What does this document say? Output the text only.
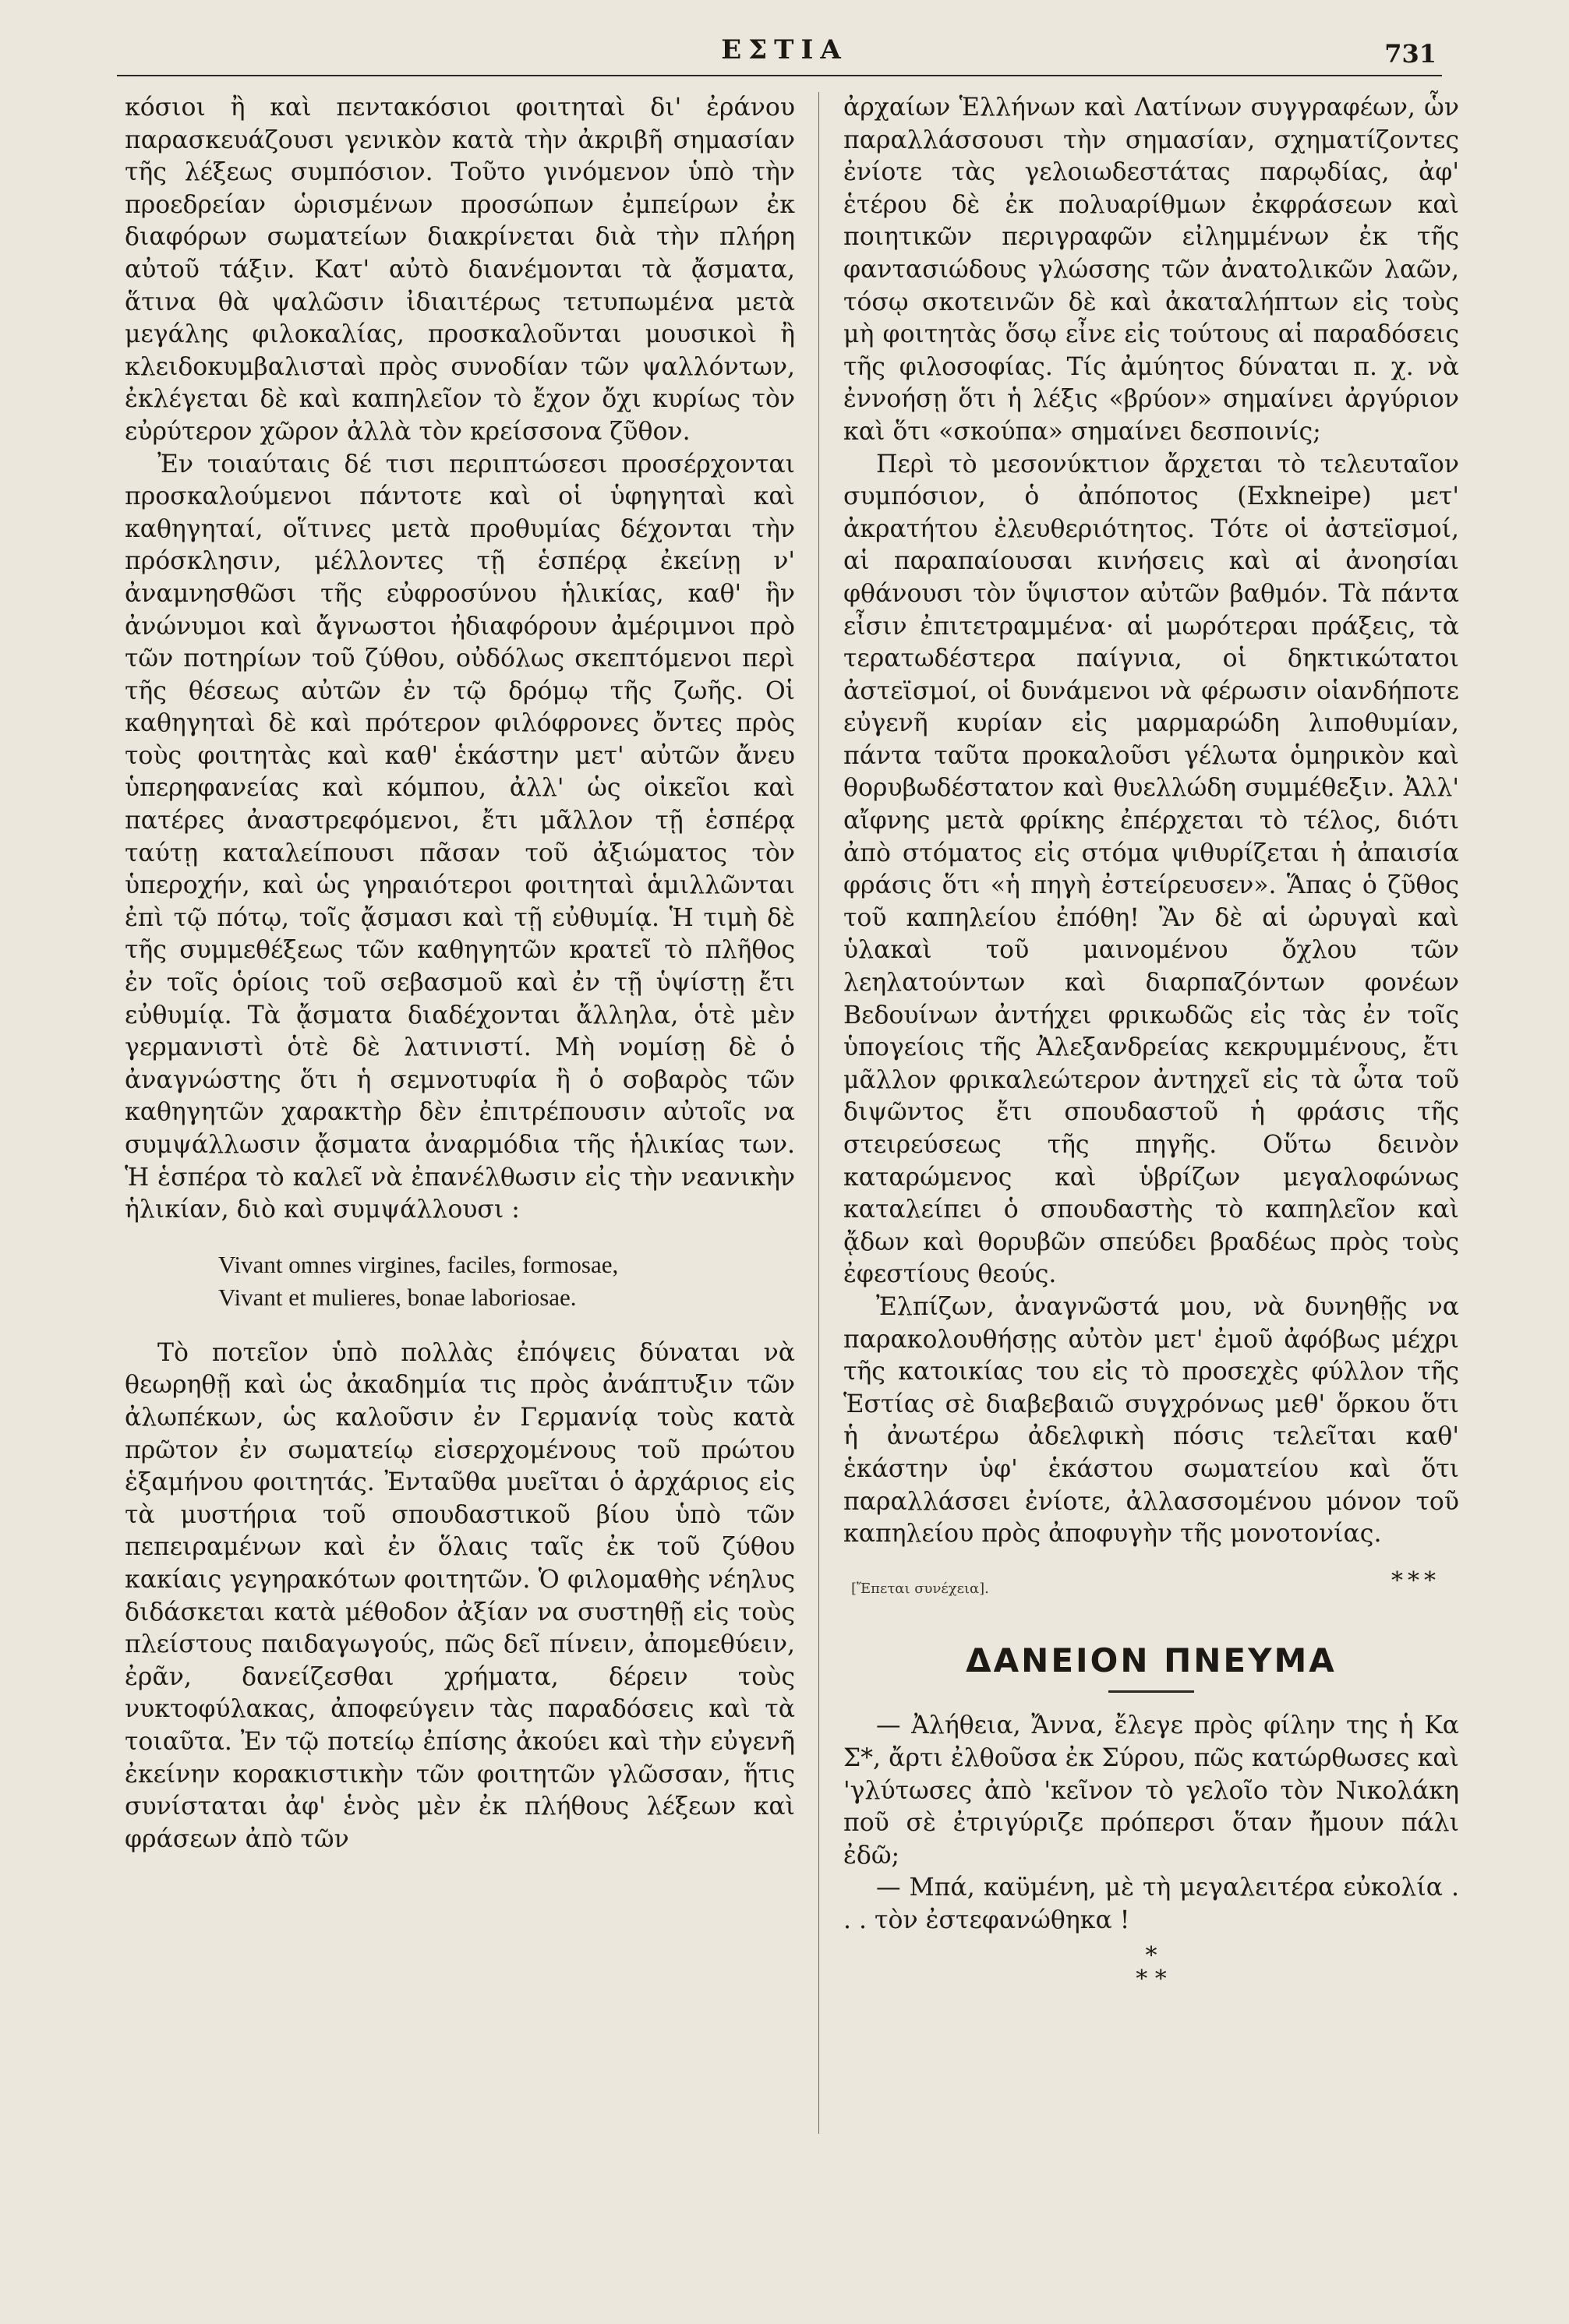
ΕΣΤΙΑ	731

κόσιοι ἢ καὶ πεντακόσιοι φοιτηταὶ δι' ἐράνου παρασκευάζουσι γενικὸν κατὰ τὴν ἀκριβῆ σημασίαν τῆς λέξεως συμπόσιον. Τοῦτο γινόμενον ὑπὸ τὴν προεδρείαν ὡρισμένων προσώπων ἐμπείρων ἐκ διαφόρων σωματείων διακρίνεται διὰ τὴν πλήρη αὐτοῦ τάξιν. Κατ' αὐτὸ διανέμονται τὰ ᾄσματα, ἅτινα θὰ ψαλῶσιν ἰδιαιτέρως τετυπωμένα μετὰ μεγάλης φιλοκαλίας, προσκαλοῦνται μουσικοὶ ἢ κλειδοκυμβαλισταὶ πρὸς συνοδίαν τῶν ψαλλόντων, ἐκλέγεται δὲ καὶ καπηλεῖον τὸ ἔχον ὄχι κυρίως τὸν εὐρύτερον χῶρον ἀλλὰ τὸν κρείσσονα ζῦθον.

Ἐν τοιαύταις δέ τισι περιπτώσεσι προσέρχονται προσκαλούμενοι πάντοτε καὶ οἱ ὑφηγηταὶ καὶ καθηγηταί, οἵτινες μετὰ προθυμίας δέχονται τὴν πρόσκλησιν, μέλλοντες τῇ ἑσπέρᾳ ἐκείνῃ ν' ἀναμνησθῶσι τῆς εὐφροσύνου ἡλικίας, καθ' ἣν ἀνώνυμοι καὶ ἄγνωστοι ἠδιαφόρουν ἀμέριμνοι πρὸ τῶν ποτηρίων τοῦ ζύθου, οὐδόλως σκεπτόμενοι περὶ τῆς θέσεως αὐτῶν ἐν τῷ δρόμῳ τῆς ζωῆς. Οἱ καθηγηταὶ δὲ καὶ πρότερον φιλόφρονες ὄντες πρὸς τοὺς φοιτητὰς καὶ καθ' ἑκάστην μετ' αὐτῶν ἄνευ ὑπερηφανείας καὶ κόμπου, ἀλλ' ὡς οἰκεῖοι καὶ πατέρες ἀναστρεφόμενοι, ἔτι μᾶλλον τῇ ἑσπέρᾳ ταύτῃ καταλείπουσι πᾶσαν τοῦ ἀξιώματος τὸν ὑπεροχήν, καὶ ὡς γηραιότεροι φοιτηταὶ ἁμιλλῶνται ἐπὶ τῷ πότῳ, τοῖς ᾄσμασι καὶ τῇ εὐθυμίᾳ. Ἡ τιμὴ δὲ τῆς συμμεθέξεως τῶν καθηγητῶν κρατεῖ τὸ πλῆθος ἐν τοῖς ὁρίοις τοῦ σεβασμοῦ καὶ ἐν τῇ ὑψίστῃ ἔτι εὐθυμίᾳ. Τὰ ᾄσματα διαδέχονται ἄλληλα, ὁτὲ μὲν γερμανιστὶ ὁτὲ δὲ λατινιστί. Μὴ νομίσῃ δὲ ὁ ἀναγνώστης ὅτι ἡ σεμνοτυφία ἢ ὁ σοβαρὸς τῶν καθηγητῶν χαρακτὴρ δὲν ἐπιτρέπουσιν αὐτοῖς να συμψάλλωσιν ᾄσματα ἀναρμόδια τῆς ἡλικίας των. Ἡ ἑσπέρα τὸ καλεῖ νὰ ἐπανέλθωσιν εἰς τὴν νεανικὴν ἡλικίαν, διὸ καὶ συμψάλλουσι :

Vivant omnes virgines, faciles, formosae,
Vivant et mulieres, bonae laboriosae.

Τὸ ποτεῖον ὑπὸ πολλὰς ἐπόψεις δύναται νὰ θεωρηθῇ καὶ ὡς ἀκαδημία τις πρὸς ἀνάπτυξιν τῶν ἀλωπέκων, ὡς καλοῦσιν ἐν Γερμανίᾳ τοὺς κατὰ πρῶτον ἐν σωματείῳ εἰσερχομένους τοῦ πρώτου ἑξαμήνου φοιτητάς. Ἐνταῦθα μυεῖται ὁ ἀρχάριος εἰς τὰ μυστήρια τοῦ σπουδαστικοῦ βίου ὑπὸ τῶν πεπειραμένων καὶ ἐν ὅλαις ταῖς ἐκ τοῦ ζύθου κακίαις γεγηρακότων φοιτητῶν. Ὁ φιλομαθὴς νέηλυς διδάσκεται κατὰ μέθοδον ἀξίαν να συστηθῇ εἰς τοὺς πλείστους παιδαγωγούς, πῶς δεῖ πίνειν, ἀπομεθύειν, ἐρᾶν, δανείζεσθαι χρήματα, δέρειν τοὺς νυκτοφύλακας, ἀποφεύγειν τὰς παραδόσεις καὶ τὰ τοιαῦτα. Ἐν τῷ ποτείῳ ἐπίσης ἀκούει καὶ τὴν εὐγενῆ ἐκείνην κορακιστικὴν τῶν φοιτητῶν γλῶσσαν, ἥτις συνίσταται ἀφ' ἑνὸς μὲν ἐκ πλήθους λέξεων καὶ φράσεων ἀπὸ τῶν

ἀρχαίων Ἑλλήνων καὶ Λατίνων συγγραφέων, ὧν παραλλάσσουσι τὴν σημασίαν, σχηματίζοντες ἐνίοτε τὰς γελοιωδεστάτας παρῳδίας, ἀφ' ἑτέρου δὲ ἐκ πολυαρίθμων ἐκφράσεων καὶ ποιητικῶν περιγραφῶν εἰλημμένων ἐκ τῆς φαντασιώδους γλώσσης τῶν ἀνατολικῶν λαῶν, τόσῳ σκοτεινῶν δὲ καὶ ἀκαταλήπτων εἰς τοὺς μὴ φοιτητὰς ὅσῳ εἶνε εἰς τούτους αἱ παραδόσεις τῆς φιλοσοφίας. Τίς ἀμύητος δύναται π. χ. νὰ ἐννοήσῃ ὅτι ἡ λέξις «βρύον» σημαίνει ἀργύριον καὶ ὅτι «σκούπα» σημαίνει δεσποινίς;

Περὶ τὸ μεσονύκτιον ἄρχεται τὸ τελευταῖον συμπόσιον, ὁ ἀπόποτος (Exkneipe) μετ' ἀκρατήτου ἐλευθεριότητος. Τότε οἱ ἀστεϊσμοί, αἱ παραπαίουσαι κινήσεις καὶ αἱ ἀνοησίαι φθάνουσι τὸν ὕψιστον αὐτῶν βαθμόν. Τὰ πάντα εἶσιν ἐπιτετραμμένα· αἱ μωρότεραι πράξεις, τὰ τερατωδέστερα παίγνια, οἱ δηκτικώτατοι ἀστεϊσμοί, οἱ δυνάμενοι νὰ φέρωσιν οἱανδήποτε εὐγενῆ κυρίαν εἰς μαρμαρώδη λιποθυμίαν, πάντα ταῦτα προκαλοῦσι γέλωτα ὁμηρικὸν καὶ θορυβωδέστατον καὶ θυελλώδη συμμέθεξιν. Ἀλλ' αἴφνης μετὰ φρίκης ἐπέρχεται τὸ τέλος, διότι ἀπὸ στόματος εἰς στόμα ψιθυρίζεται ἡ ἀπαισία φράσις ὅτι «ἡ πηγὴ ἐστείρευσεν». Ἅπας ὁ ζῦθος τοῦ καπηλείου ἐπόθη! Ἂν δὲ αἱ ὠρυγαὶ καὶ ὑλακαὶ τοῦ μαινομένου ὄχλου τῶν λεηλατούντων καὶ διαρπαζόντων φονέων Βεδουίνων ἀντήχει φρικωδῶς εἰς τὰς ἐν τοῖς ὑπογείοις τῆς Ἀλεξανδρείας κεκρυμμένους, ἔτι μᾶλλον φρικαλεώτερον ἀντηχεῖ εἰς τὰ ὦτα τοῦ διψῶντος ἔτι σπουδαστοῦ ἡ φράσις τῆς στειρεύσεως τῆς πηγῆς. Οὕτω δεινὸν καταρώμενος καὶ ὑβρίζων μεγαλοφώνως καταλείπει ὁ σπουδαστὴς τὸ καπηλεῖον καὶ ᾄδων καὶ θορυβῶν σπεύδει βραδέως πρὸς τοὺς ἐφεστίους θεούς.

Ἐλπίζων, ἀναγνῶστά μου, νὰ δυνηθῇς να παρακολουθήσῃς αὐτὸν μετ' ἐμοῦ ἀφόβως μέχρι τῆς κατοικίας του εἰς τὸ προσεχὲς φύλλον τῆς Ἑστίας σὲ διαβεβαιῶ συγχρόνως μεθ' ὅρκου ὅτι ἡ ἀνωτέρω ἀδελφικὴ πόσις τελεῖται καθ' ἑκάστην ὑφ' ἑκάστου σωματείου καὶ ὅτι παραλλάσσει ἐνίοτε, ἀλλασσομένου μόνον τοῦ καπηλείου πρὸς ἀποφυγὴν τῆς μονοτονίας.

[Ἔπεται συνέχεια].	***

ΔΑΝΕΙΟΝ ΠΝΕΥΜΑ

— Ἀλήθεια, Ἄννα, ἔλεγε πρὸς φίλην της ἡ Κα Σ*, ἄρτι ἐλθοῦσα ἐκ Σύρου, πῶς κατώρθωσες καὶ 'γλύτωσες ἀπὸ 'κεῖνον τὸ γελοῖο τὸν Νικολάκη ποῦ σὲ ἐτριγύριζε πρόπερσι ὅταν ἤμουν πάλι ἐδῶ;

— Μπά, καϋμένη, μὲ τὴ μεγαλειτέρα εὐκολία . . . τὸν ἐστεφανώθηκα !

*
* *
